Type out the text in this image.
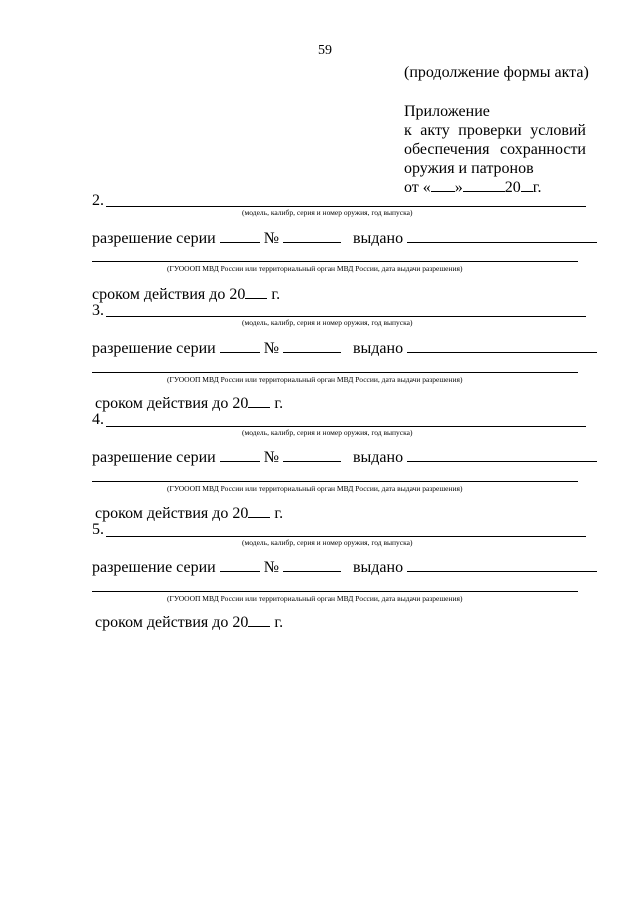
59
(продолжение формы акта)
Приложение
к акту проверки условий
обеспечения сохранности
оружия и патронов
от « »	20 г.
2.
(модель, калибр, серия и номер оружия, год выпуска)
разрешение серии	№	выдано
(ГУОООП МВД России или территориальный орган МВД России, дата выдачи разрешения)
сроком действия до 20 г.
3.
(модель, калибр, серия и номер оружия, год выпуска)
разрешение серии	№	выдано
(ГУОООП МВД России или территориальный орган МВД России, дата выдачи разрешения)
сроком действия до 20 г.
4.
(модель, калибр, серия и номер оружия, год выпуска)
разрешение серии	№	выдано
(ГУОООП МВД России или территориальный орган МВД России, дата выдачи разрешения)
сроком действия до 20 г.
5.
(модель, калибр, серия и номер оружия, год выпуска)
разрешение серии	№	выдано
(ГУОООП МВД России или территориальный орган МВД России, дата выдачи разрешения)
сроком действия до 20 г.
